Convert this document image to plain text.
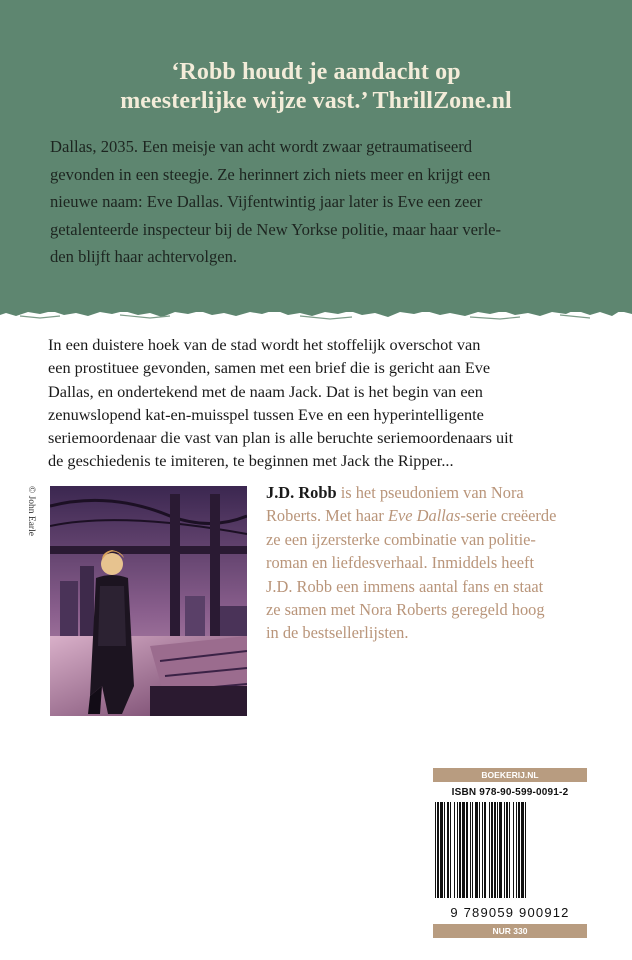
‘Robb houdt je aandacht op
meesterlijke wijze vast.’ ThrillZone.nl
Dallas, 2035. Een meisje van acht wordt zwaar getraumatiseerd
gevonden in een steegje. Ze herinnert zich niets meer en krijgt een
nieuwe naam: Eve Dallas. Vijfentwintig jaar later is Eve een zeer
getalenteerde inspecteur bij de New Yorkse politie, maar haar verle-
den blijft haar achtervolgen.
In een duistere hoek van de stad wordt het stoffelijk overschot van
een prostituee gevonden, samen met een brief die is gericht aan Eve
Dallas, en ondertekend met de naam Jack. Dat is het begin van een
zenuwslopend kat-en-muisspel tussen Eve en een hyperintelligente
seriemoordenaar die vast van plan is alle beruchte seriemoordenaars uit
de geschiedenis te imiteren, te beginnen met Jack the Ripper...
© John Earle	J.D. Robb is het pseudoniem van Nora
Roberts. Met haar Eve Dallas-serie creëerde
ze een ijzersterke combinatie van politie-
roman en liefdesverhaal. Inmiddels heeft
J.D. Robb een immens aantal fans en staat
ze samen met Nora Roberts geregeld hoog
in de bestsellerlijsten.
BOEKERIJ.NL
ISBN 978-90-599-0091-2
9 789059 900912
NUR 330
